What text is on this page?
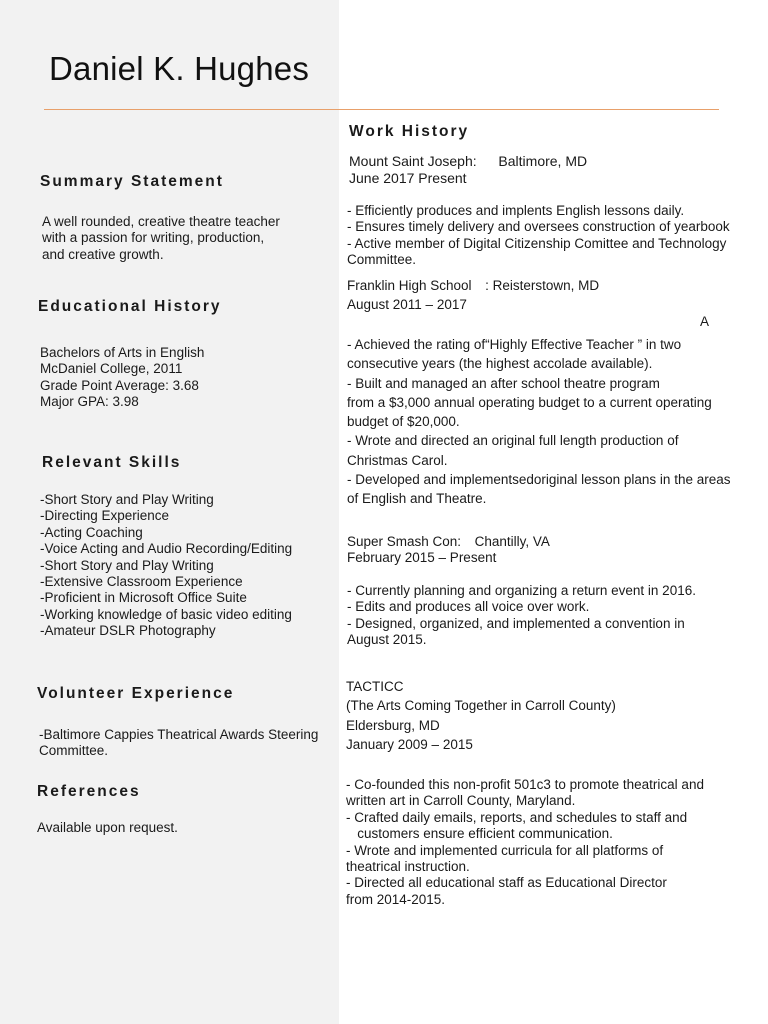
Daniel K. Hughes
Summary Statement
A well rounded, creative theatre teacher
with a passion for writing, production,
and creative growth.
Educational History
Bachelors of Arts in English
McDaniel College, 2011
Grade Point Average: 3.68
Major GPA: 3.98
Relevant Skills
-Short Story and Play Writing
-Directing Experience
-Acting Coaching
-Voice Acting and Audio Recording/Editing
-Short Story and Play Writing
-Extensive Classroom Experience
-Proficient in Microsoft Office Suite
-Working knowledge of basic video editing
-Amateur DSLR Photography
Volunteer Experience
-Baltimore Cappies Theatrical Awards Steering
Committee.
References
Available upon request.
Work History
Mount Saint Joseph: Baltimore, MD
June 2017 Present
- Efficiently produces and implents English lessons daily.
- Ensures timely delivery and oversees construction of yearbook
- Active member of Digital Citizenship Comittee and Technology
Committee.
Franklin High School : Reisterstown, MD
August 2011 – 2017
A
- Achieved the rating of“Highly Effective Teacher ” in two
consecutive years (the highest accolade available).
- Built and managed an after school theatre program
from a $3,000 annual operating budget to a current operating
budget of $20,000.
- Wrote and directed an original full length production of
Christmas Carol.
- Developed and implementsedoriginal lesson plans in the areas
of English and Theatre.
Super Smash Con: Chantilly, VA
February 2015 – Present
- Currently planning and organizing a return event in 2016.
- Edits and produces all voice over work.
- Designed, organized, and implemented a convention in
August 2015.
TACTICC
(The Arts Coming Together in Carroll County)
Eldersburg, MD
January 2009 – 2015
- Co-founded this non-profit 501c3 to promote theatrical and
written art in Carroll County, Maryland.
- Crafted daily emails, reports, and schedules to staff and
customers ensure efficient communication.
- Wrote and implemented curricula for all platforms of
theatrical instruction.
- Directed all educational staff as Educational Director
from 2014-2015.
